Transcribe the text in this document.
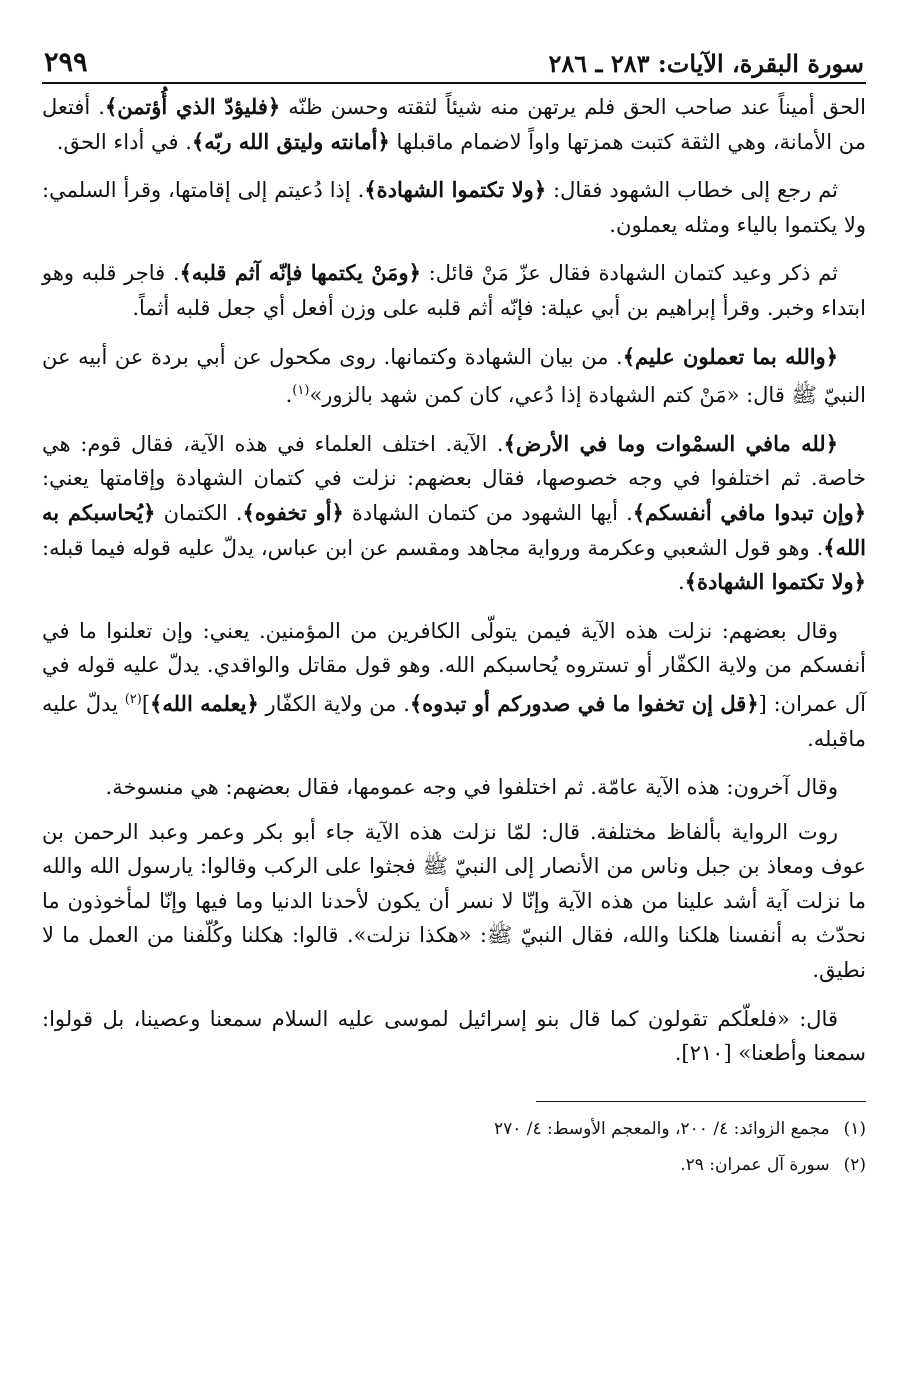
سورة البقرة، الآيات: ٢٨٣ ـ ٢٨٦
٢٩٩

الحق أميناً عند صاحب الحق فلم يرتهن منه شيئاً لثقته وحسن ظنّه ﴿فليؤدّ الذي أُؤتمن﴾. أفتعل من الأمانة، وهي الثقة كتبت همزتها واواً لاضمام ماقبلها ﴿أمانته وليتق الله ربّه﴾. في أداء الحق.

ثم رجع إلى خطاب الشهود فقال: ﴿ولا تكتموا الشهادة﴾. إذا دُعيتم إلى إقامتها، وقرأ السلمي: ولا يكتموا بالياء ومثله يعملون.

ثم ذكر وعيد كتمان الشهادة فقال عزّ مَنْ قائل: ﴿ومَنْ يكتمها فإنّه آثم قلبه﴾. فاجر قلبه وهو ابتداء وخبر. وقرأ إبراهيم بن أبي عيلة: فإنّه أثم قلبه على وزن أفعل أي جعل قلبه أثماً.

﴿والله بما تعملون عليم﴾. من بيان الشهادة وكتمانها. روى مكحول عن أبي بردة عن أبيه عن النبيّ ﷺ قال: «مَنْ كتم الشهادة إذا دُعي، كان كمن شهد بالزور»$^{(١)}$.

﴿لله مافي السمْوات وما في الأرض﴾. الآية. اختلف العلماء في هذه الآية، فقال قوم: هي خاصة. ثم اختلفوا في وجه خصوصها، فقال بعضهم: نزلت في كتمان الشهادة وإقامتها يعني: ﴿وإن تبدوا مافي أنفسكم﴾. أيها الشهود من كتمان الشهادة ﴿أو تخفوه﴾. الكتمان ﴿يُحاسبكم به الله﴾. وهو قول الشعبي وعكرمة ورواية مجاهد ومقسم عن ابن عباس، يدلّ عليه قوله فيما قبله: ﴿ولا تكتموا الشهادة﴾.

وقال بعضهم: نزلت هذه الآية فيمن يتولّى الكافرين من المؤمنين. يعني: وإن تعلنوا ما في أنفسكم من ولاية الكفّار أو تستروه يُحاسبكم الله. وهو قول مقاتل والواقدي. يدلّ عليه قوله في آل عمران: [﴿قل إن تخفوا ما في صدوركم أو تبدوه﴾. من ولاية الكفّار ﴿يعلمه الله﴾]$^{(٢)}$ يدلّ عليه ماقبله.

وقال آخرون: هذه الآية عامّة. ثم اختلفوا في وجه عمومها، فقال بعضهم: هي منسوخة.

روت الرواية بألفاظ مختلفة. قال: لمّا نزلت هذه الآية جاء أبو بكر وعمر وعبد الرحمن بن عوف ومعاذ بن جبل وناس من الأنصار إلى النبيّ ﷺ فجثوا على الركب وقالوا: يارسول الله والله ما نزلت آية أشد علينا من هذه الآية وإنّا لا نسر أن يكون لأحدنا الدنيا وما فيها وإنّا لمأخوذون ما نحدّث به أنفسنا هلكنا والله، فقال النبيّ ﷺ: «هكذا نزلت». قالوا: هكلنا وكُلّفنا من العمل ما لا نطيق.

قال: «فلعلّكم تقولون كما قال بنو إسرائيل لموسى عليه السلام سمعنا وعصينا، بل قولوا: سمعنا وأطعنا» [٢١٠].

(١)مجمع الزوائد: ٤/ ٢٠٠، والمعجم الأوسط: ٤/ ٢٧٠

(٢)سورة آل عمران: ٢٩.
